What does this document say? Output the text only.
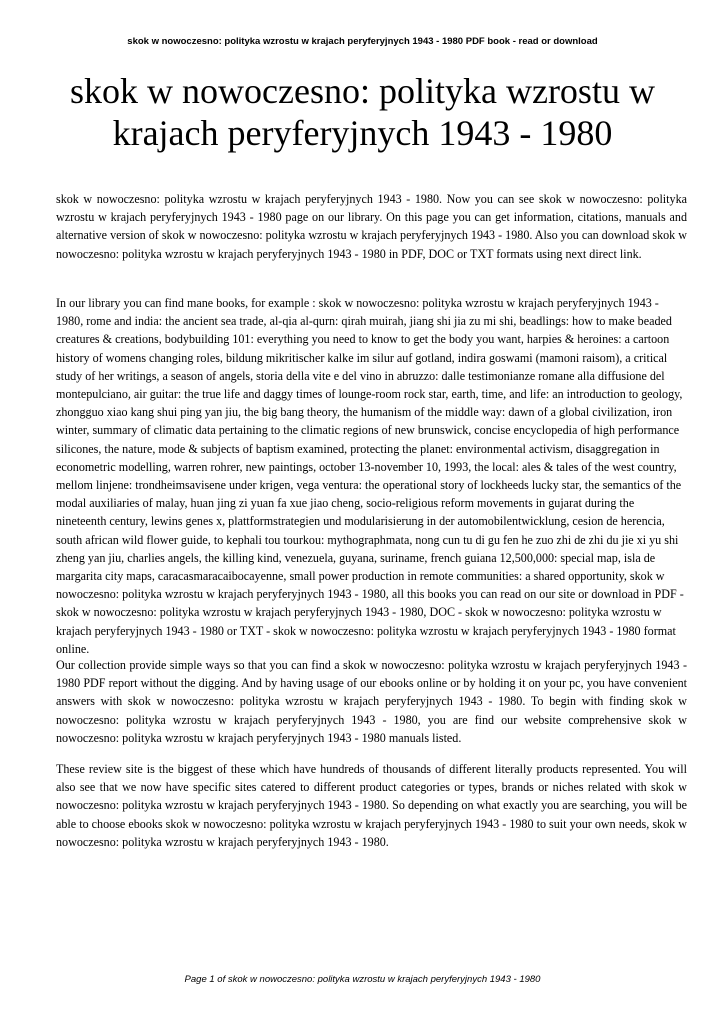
skok w nowoczesno: polityka wzrostu w krajach peryferyjnych 1943 - 1980 PDF book - read or download
skok w nowoczesno: polityka wzrostu w krajach peryferyjnych 1943 - 1980

skok w nowoczesno: polityka wzrostu w krajach peryferyjnych 1943 - 1980. Now you can see skok w nowoczesno: polityka wzrostu w krajach peryferyjnych 1943 - 1980 page on our library. On this page you can get information, citations, manuals and alternative version of skok w nowoczesno: polityka wzrostu w krajach peryferyjnych 1943 - 1980. Also you can download skok w nowoczesno: polityka wzrostu w krajach peryferyjnych 1943 - 1980 in PDF, DOC or TXT formats using next direct link.

In our library you can find mane books, for example : skok w nowoczesno: polityka wzrostu w krajach peryferyjnych 1943 - 1980, rome and india: the ancient sea trade, al-qia al-qurn: qirah muirah, jiang shi jia zu mi shi, beadlings: how to make beaded creatures & creations, bodybuilding 101: everything you need to know to get the body you want, harpies & heroines: a cartoon history of womens changing roles, bildung mikritischer kalke im silur auf gotland, indira goswami (mamoni raisom), a critical study of her writings, a season of angels, storia della vite e del vino in abruzzo: dalle testimonianze romane alla diffusione del montepulciano, air guitar: the true life and daggy times of lounge-room rock star, earth, time, and life: an introduction to geology, zhongguo xiao kang shui ping yan jiu, the big bang theory, the humanism of the middle way: dawn of a global civilization, iron winter, summary of climatic data pertaining to the climatic regions of new brunswick, concise encyclopedia of high performance silicones, the nature, mode & subjects of baptism examined, protecting the planet: environmental activism, disaggregation in econometric modelling, warren rohrer, new paintings, october 13-november 10, 1993, the local: ales & tales of the west country, mellom linjene: trondheimsavisene under krigen, vega ventura: the operational story of lockheeds lucky star, the semantics of the modal auxiliaries of malay, huan jing zi yuan fa xue jiao cheng, socio-religious reform movements in gujarat during the nineteenth century, lewins genes x, plattformstrategien und modularisierung in der automobilentwicklung, cesion de herencia, south african wild flower guide, to kephali tou tourkou: mythographmata, nong cun tu di gu fen he zuo zhi de zhi du jie xi yu shi zheng yan jiu, charlies angels, the killing kind, venezuela, guyana, suriname, french guiana 12,500,000: special map, isla de margarita city maps, caracasmaracaibocayenne, small power production in remote communities: a shared opportunity, skok w nowoczesno: polityka wzrostu w krajach peryferyjnych 1943 - 1980, all this books you can read on our site or download in PDF - skok w nowoczesno: polityka wzrostu w krajach peryferyjnych 1943 - 1980, DOC - skok w nowoczesno: polityka wzrostu w krajach peryferyjnych 1943 - 1980 or TXT - skok w nowoczesno: polityka wzrostu w krajach peryferyjnych 1943 - 1980 format online.

Our collection provide simple ways so that you can find a skok w nowoczesno: polityka wzrostu w krajach peryferyjnych 1943 - 1980 PDF report without the digging. And by having usage of our ebooks online or by holding it on your pc, you have convenient answers with skok w nowoczesno: polityka wzrostu w krajach peryferyjnych 1943 - 1980. To begin with finding skok w nowoczesno: polityka wzrostu w krajach peryferyjnych 1943 - 1980, you are find our website comprehensive skok w nowoczesno: polityka wzrostu w krajach peryferyjnych 1943 - 1980 manuals listed.

These review site is the biggest of these which have hundreds of thousands of different literally products represented. You will also see that we now have specific sites catered to different product categories or types, brands or niches related with skok w nowoczesno: polityka wzrostu w krajach peryferyjnych 1943 - 1980. So depending on what exactly you are searching, you will be able to choose ebooks skok w nowoczesno: polityka wzrostu w krajach peryferyjnych 1943 - 1980 to suit your own needs, skok w nowoczesno: polityka wzrostu w krajach peryferyjnych 1943 - 1980.

Page 1 of skok w nowoczesno: polityka wzrostu w krajach peryferyjnych 1943 - 1980
